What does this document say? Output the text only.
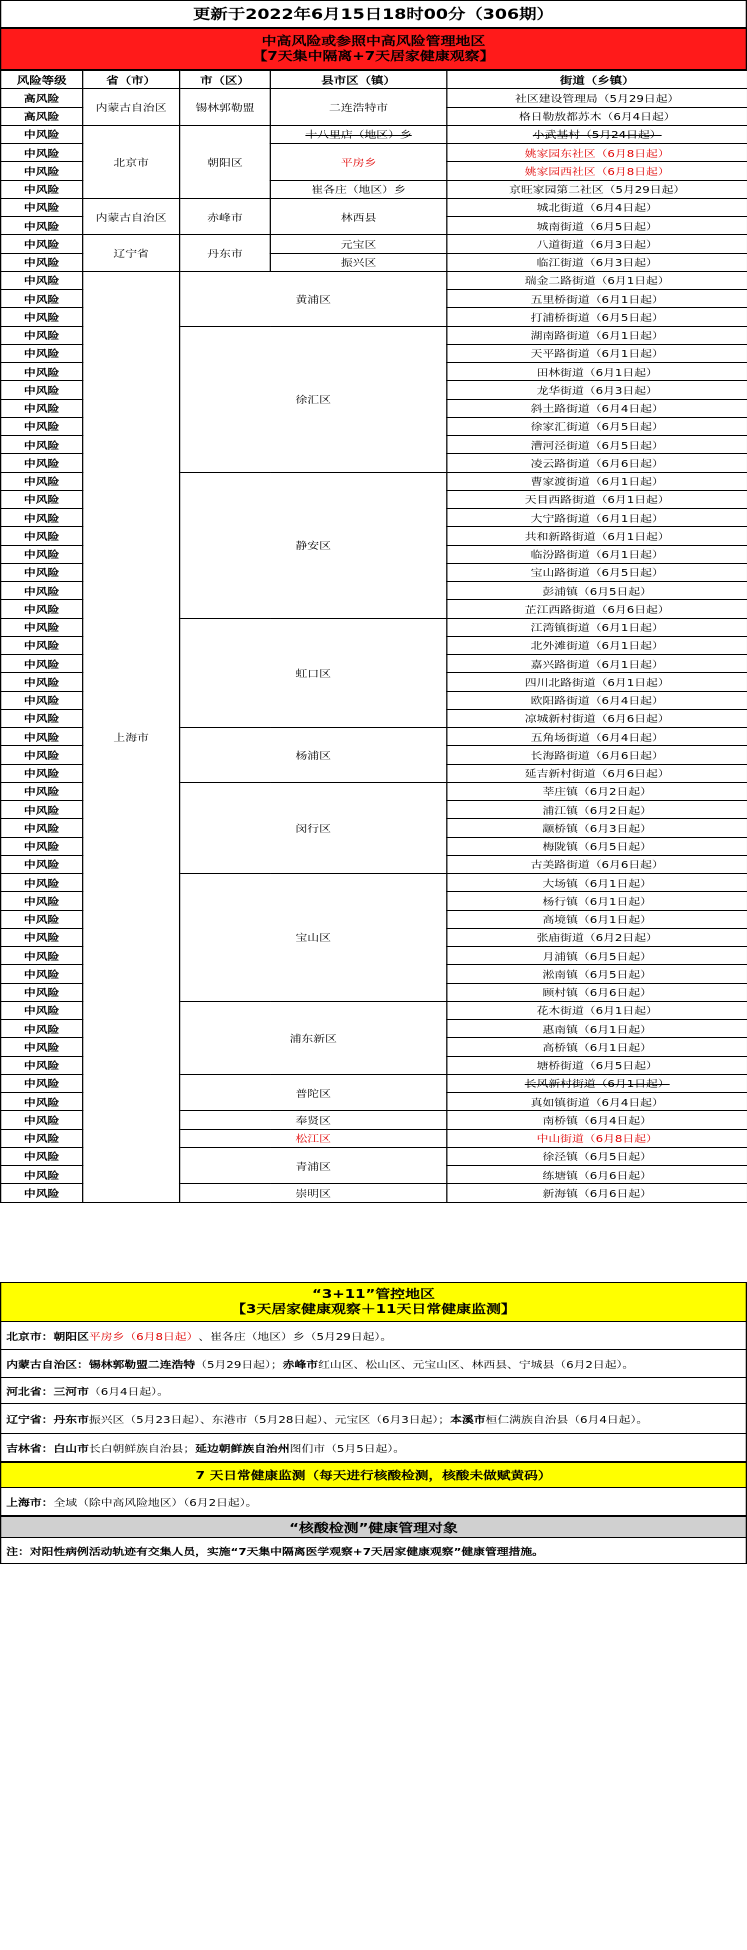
更新于2022年6月15日18时00分（306期）
中高风险或参照中高风险管理地区
【7天集中隔离+7天居家健康观察】
风险等级	省（市）	市（区）	县市区（镇）	街道（乡镇）
高风险	内蒙古自治区	锡林郭勒盟	二连浩特市	社区建设管理局（5月29日起）
高风险				格日勒敖都苏木（6月4日起）
中风险	北京市	朝阳区	十八里店（地区）乡	小武基村（5月24日起）
中风险			平房乡	姚家园东社区（6月8日起）
中风险				姚家园西社区（6月8日起）
中风险			崔各庄（地区）乡	京旺家园第二社区（5月29日起）
中风险	内蒙古自治区	赤峰市	林西县	城北街道（6月4日起）
中风险				城南街道（6月5日起）
中风险	辽宁省	丹东市	元宝区	八道街道（6月3日起）
中风险			振兴区	临江街道（6月3日起）
中风险	上海市	黄浦区		瑞金二路街道（6月1日起）
中风险				五里桥街道（6月1日起）
中风险				打浦桥街道（6月5日起）
中风险		徐汇区		湖南路街道（6月1日起）
中风险				天平路街道（6月1日起）
中风险				田林街道（6月1日起）
中风险				龙华街道（6月3日起）
中风险				斜土路街道（6月4日起）
中风险				徐家汇街道（6月5日起）
中风险				漕河泾街道（6月5日起）
中风险				凌云路街道（6月6日起）
中风险		静安区		曹家渡街道（6月1日起）
中风险				天目西路街道（6月1日起）
中风险				大宁路街道（6月1日起）
中风险				共和新路街道（6月1日起）
中风险				临汾路街道（6月1日起）
中风险				宝山路街道（6月5日起）
中风险				彭浦镇（6月5日起）
中风险				芷江西路街道（6月6日起）
中风险		虹口区		江湾镇街道（6月1日起）
中风险				北外滩街道（6月1日起）
中风险				嘉兴路街道（6月1日起）
中风险				四川北路街道（6月1日起）
中风险				欧阳路街道（6月4日起）
中风险				凉城新村街道（6月6日起）
中风险		杨浦区		五角场街道（6月4日起）
中风险				长海路街道（6月6日起）
中风险				延吉新村街道（6月6日起）
中风险		闵行区		莘庄镇（6月2日起）
中风险				浦江镇（6月2日起）
中风险				颛桥镇（6月3日起）
中风险				梅陇镇（6月5日起）
中风险				古美路街道（6月6日起）
中风险		宝山区		大场镇（6月1日起）
中风险				杨行镇（6月1日起）
中风险				高境镇（6月1日起）
中风险				张庙街道（6月2日起）
中风险				月浦镇（6月5日起）
中风险				淞南镇（6月5日起）
中风险				顾村镇（6月6日起）
中风险		浦东新区		花木街道（6月1日起）
中风险				惠南镇（6月1日起）
中风险				高桥镇（6月1日起）
中风险				塘桥街道（6月5日起）
中风险		普陀区		长风新村街道（6月1日起）
中风险				真如镇街道（6月4日起）
中风险		奉贤区		南桥镇（6月4日起）
中风险		松江区		中山街道（6月8日起）
中风险		青浦区		徐泾镇（6月5日起）
中风险				练塘镇（6月6日起）
中风险		崇明区		新海镇（6月6日起）
“3+11”管控地区
【3天居家健康观察＋11天日常健康监测】
北京市： 朝阳区 平房乡（6月8日起） 、崔各庄（地区）乡（5月29日起）。
内蒙古自治区： 锡林郭勒盟二连浩特 （5月29日起）； 赤峰市 红山区、松山区、元宝山区、林西县、宁城县（6月2日起）。
河北省： 三河市 （6月4日起）。
辽宁省： 丹东市 振兴区（5月23日起）、东港市（5月28日起）、元宝区（6月3日起）； 本溪市 桓仁满族自治县（6月4日起）。
吉林省： 白山市 长白朝鲜族自治县； 延边朝鲜族自治州 图们市（5月5日起）。
7 天日常健康监测（每天进行核酸检测，核酸未做赋黄码）
上海市： 全域（除中高风险地区）（6月2日起）。
“核酸检测”健康管理对象
注：对阳性病例活动轨迹有交集人员，实施“7天集中隔离医学观察+7天居家健康观察”健康管理措施。
